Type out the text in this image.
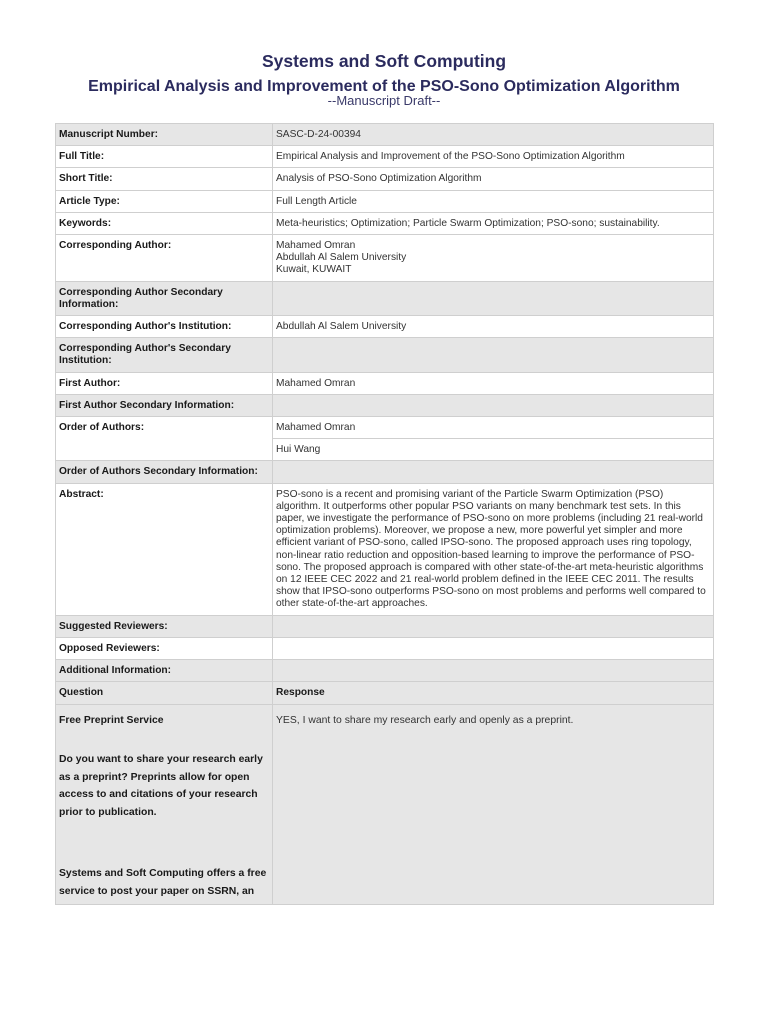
Systems and Soft Computing
Empirical Analysis and Improvement of the PSO-Sono Optimization Algorithm
--Manuscript Draft--
Manuscript Number:	SASC-D-24-00394
Full Title:	Empirical Analysis and Improvement of the PSO-Sono Optimization Algorithm
Short Title:	Analysis of PSO-Sono Optimization Algorithm
Article Type:	Full Length Article
Keywords:	Meta-heuristics; Optimization; Particle Swarm Optimization; PSO-sono; sustainability.
Corresponding Author:	Mahamed Omran
Abdullah Al Salem University
Kuwait, KUWAIT

Corresponding Author Secondary Information:	
Corresponding Author's Institution:	Abdullah Al Salem University
Corresponding Author's Secondary Institution:	
First Author:	Mahamed Omran
First Author Secondary Information:	
Order of Authors:	Mahamed Omran
	Hui Wang
Order of Authors Secondary Information:	
Abstract:	PSO-sono is a recent and promising variant of the Particle Swarm Optimization (PSO) algorithm. It outperforms other popular PSO variants on many benchmark test sets. In this paper, we investigate the performance of PSO-sono on more problems (including 21 real-world optimization problems). Moreover, we propose a new, more powerful yet simpler and more efficient variant of PSO-sono, called IPSO-sono. The proposed approach uses ring topology, non-linear ratio reduction and opposition-based learning to improve the performance of PSO-sono. The proposed approach is compared with other state-of-the-art meta-heuristic algorithms on 12 IEEE CEC 2022 and 21 real-world problem defined in the IEEE CEC 2011. The results show that IPSO-sono outperforms PSO-sono on most problems and performs well compared to other state-of-the-art approaches.
Suggested Reviewers:	
Opposed Reviewers:	
Additional Information:	
Question	Response

Free Preprint Service
Do you want to share your research early as a preprint? Preprints allow for open access to and citations of your research prior to publication.
Systems and Soft Computing offers a free service to post your paper on SSRN, an	YES, I want to share my research early and openly as a preprint.
